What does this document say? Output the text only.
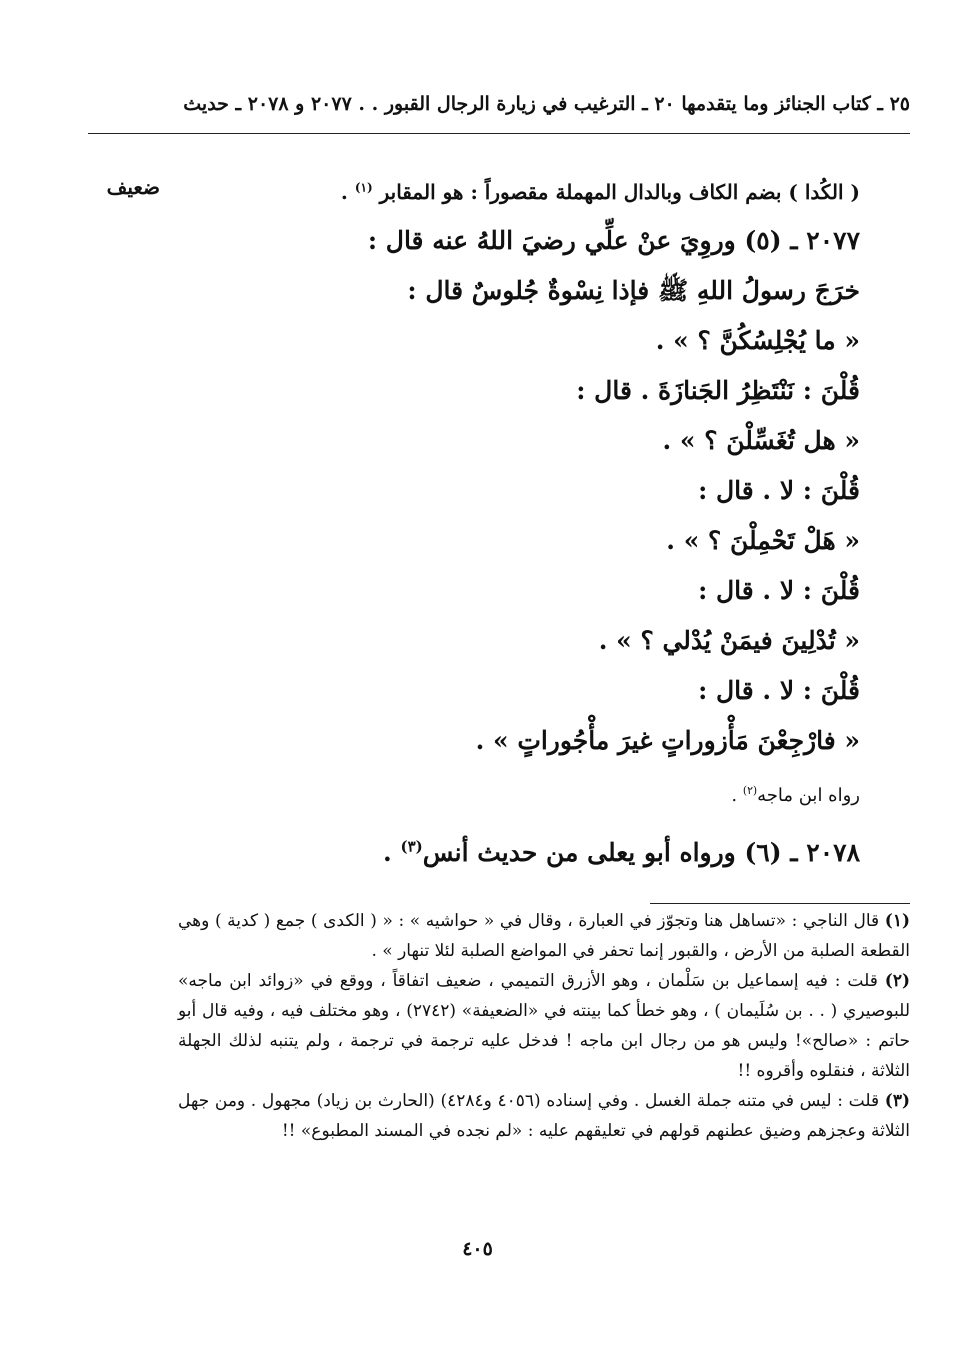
٢٥ ـ كتاب الجنائز وما يتقدمها ٢٠ ـ الترغيب في زيارة الرجال القبور . . ٢٠٧٧ و ٢٠٧٨ ـ حديث
ضعيف	( الكُدا ) بضم الكاف وبالدال المهملة مقصوراً : هو المقابر $^{(١)}$ .
٢٠٧٧ ـ (٥) وروِيَ عنْ علِّي رضيَ اللهُ عنه قال :
خرَجَ رسولُ اللهِ ﷺ فإذا نِسْوةٌ جُلوسٌ قال :
« ما يُجْلِسُكُنَّ ؟ » .
قُلْنَ : نَنْتَظِرُ الجَنازَةَ . قال :
« هل تُغَسِّلْنَ ؟ » .
قُلْنَ : لا . قال :
« هَلْ تَحْمِلْنَ ؟ » .
قُلْنَ : لا . قال :
« تُدْلِينَ فيمَنْ يُدْلي ؟ » .
قُلْنَ : لا . قال :
« فارْجِعْنَ مَأْزوراتٍ غيرَ مأْجُوراتٍ » .
رواه ابن ماجه$^{(٢)}$ .
٢٠٧٨ ـ (٦) ورواه أبو يعلى من حديث أنس$^{(٣)}$ .

(١) قال الناجي : «تساهل هنا وتجوّز في العبارة ، وقال في « حواشيه » : « ( الكدى ) جمع ( كدية ) وهي القطعة الصلبة من الأرض ، والقبور إنما تحفر في المواضع الصلبة لئلا تنهار » .

(٢) قلت : فيه إسماعيل بن سَلْمان ، وهو الأزرق التميمي ، ضعيف اتفاقاً ، ووقع في «زوائد ابن ماجه» للبوصيري ( . . بن سُلَيمان ) ، وهو خطأ كما بينته في «الضعيفة» (٢٧٤٢) ، وهو مختلف فيه ، وفيه قال أبو حاتم : «صالح»! وليس هو من رجال ابن ماجه ! فدخل عليه ترجمة في ترجمة ، ولم يتنبه لذلك الجهلة الثلاثة ، فنقلوه وأقروه !!

(٣) قلت : ليس في متنه جملة الغسل . وفي إسناده (٤٠٥٦ و٤٢٨٤) (الحارث بن زياد) مجهول . ومن جهل الثلاثة وعجزهم وضيق عطنهم قولهم في تعليقهم عليه : «لم نجده في المسند المطبوع» !!

٤٠٥
